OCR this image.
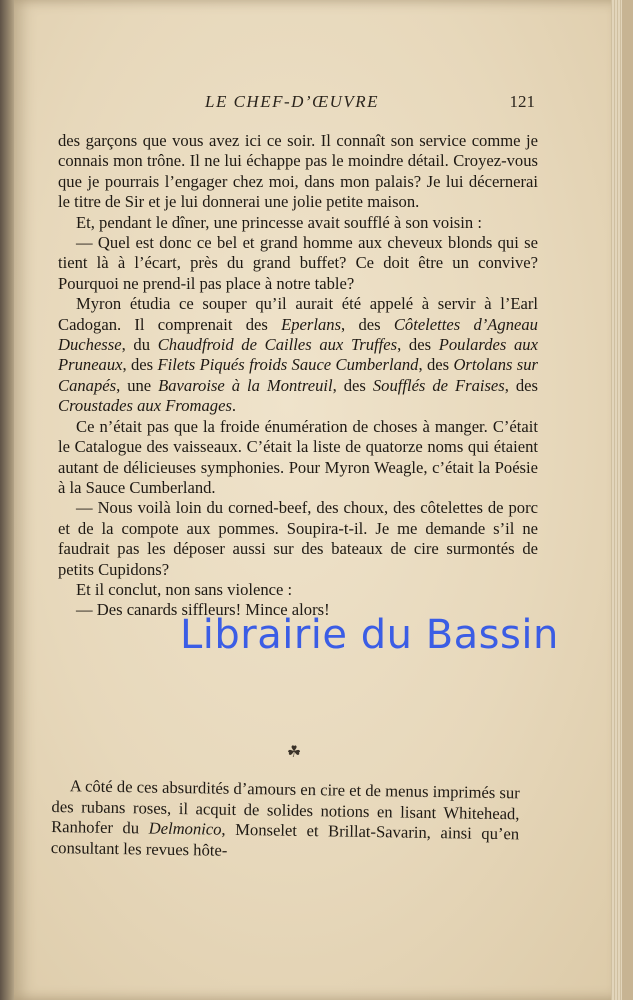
LE CHEF-D’ŒUVRE	121

des garçons que vous avez ici ce soir. Il connaît son service comme je connais mon trône. Il ne lui échappe pas le moindre détail. Croyez-vous que je pourrais l’engager chez moi, dans mon palais? Je lui décernerai le titre de Sir et je lui donnerai une jolie petite maison.

Et, pendant le dîner, une princesse avait soufflé à son voisin :

— Quel est donc ce bel et grand homme aux cheveux blonds qui se tient là à l’écart, près du grand buffet? Ce doit être un convive? Pourquoi ne prend-il pas place à notre table?

Myron étudia ce souper qu’il aurait été appelé à servir à l’Earl Cadogan. Il comprenait des Eperlans, des Côtelettes d’Agneau Duchesse, du Chaudfroid de Cailles aux Truffes, des Poulardes aux Pruneaux, des Filets Piqués froids Sauce Cumberland, des Ortolans sur Canapés, une Bavaroise à la Montreuil, des Soufflés de Fraises, des Croustades aux Fromages.

Ce n’était pas que la froide énumération de choses à manger. C’était le Catalogue des vaisseaux. C’était la liste de quatorze noms qui étaient autant de délicieuses symphonies. Pour Myron Weagle, c’était la Poésie à la Sauce Cumberland.

— Nous voilà loin du corned-beef, des choux, des côtelettes de porc et de la compote aux pommes. Soupira-t-il. Je me demande s’il ne faudrait pas les déposer aussi sur des bateaux de cire surmontés de petits Cupidons?

Et il conclut, non sans violence :

— Des canards siffleurs! Mince alors!

☘

A côté de ces absurdités d’amours en cire et de menus imprimés sur des rubans roses, il acquit de solides notions en lisant Whitehead, Ranhofer du Delmonico, Monselet et Brillat-Savarin, ainsi qu’en consultant les revues hôte-

Librairie du Bassin
